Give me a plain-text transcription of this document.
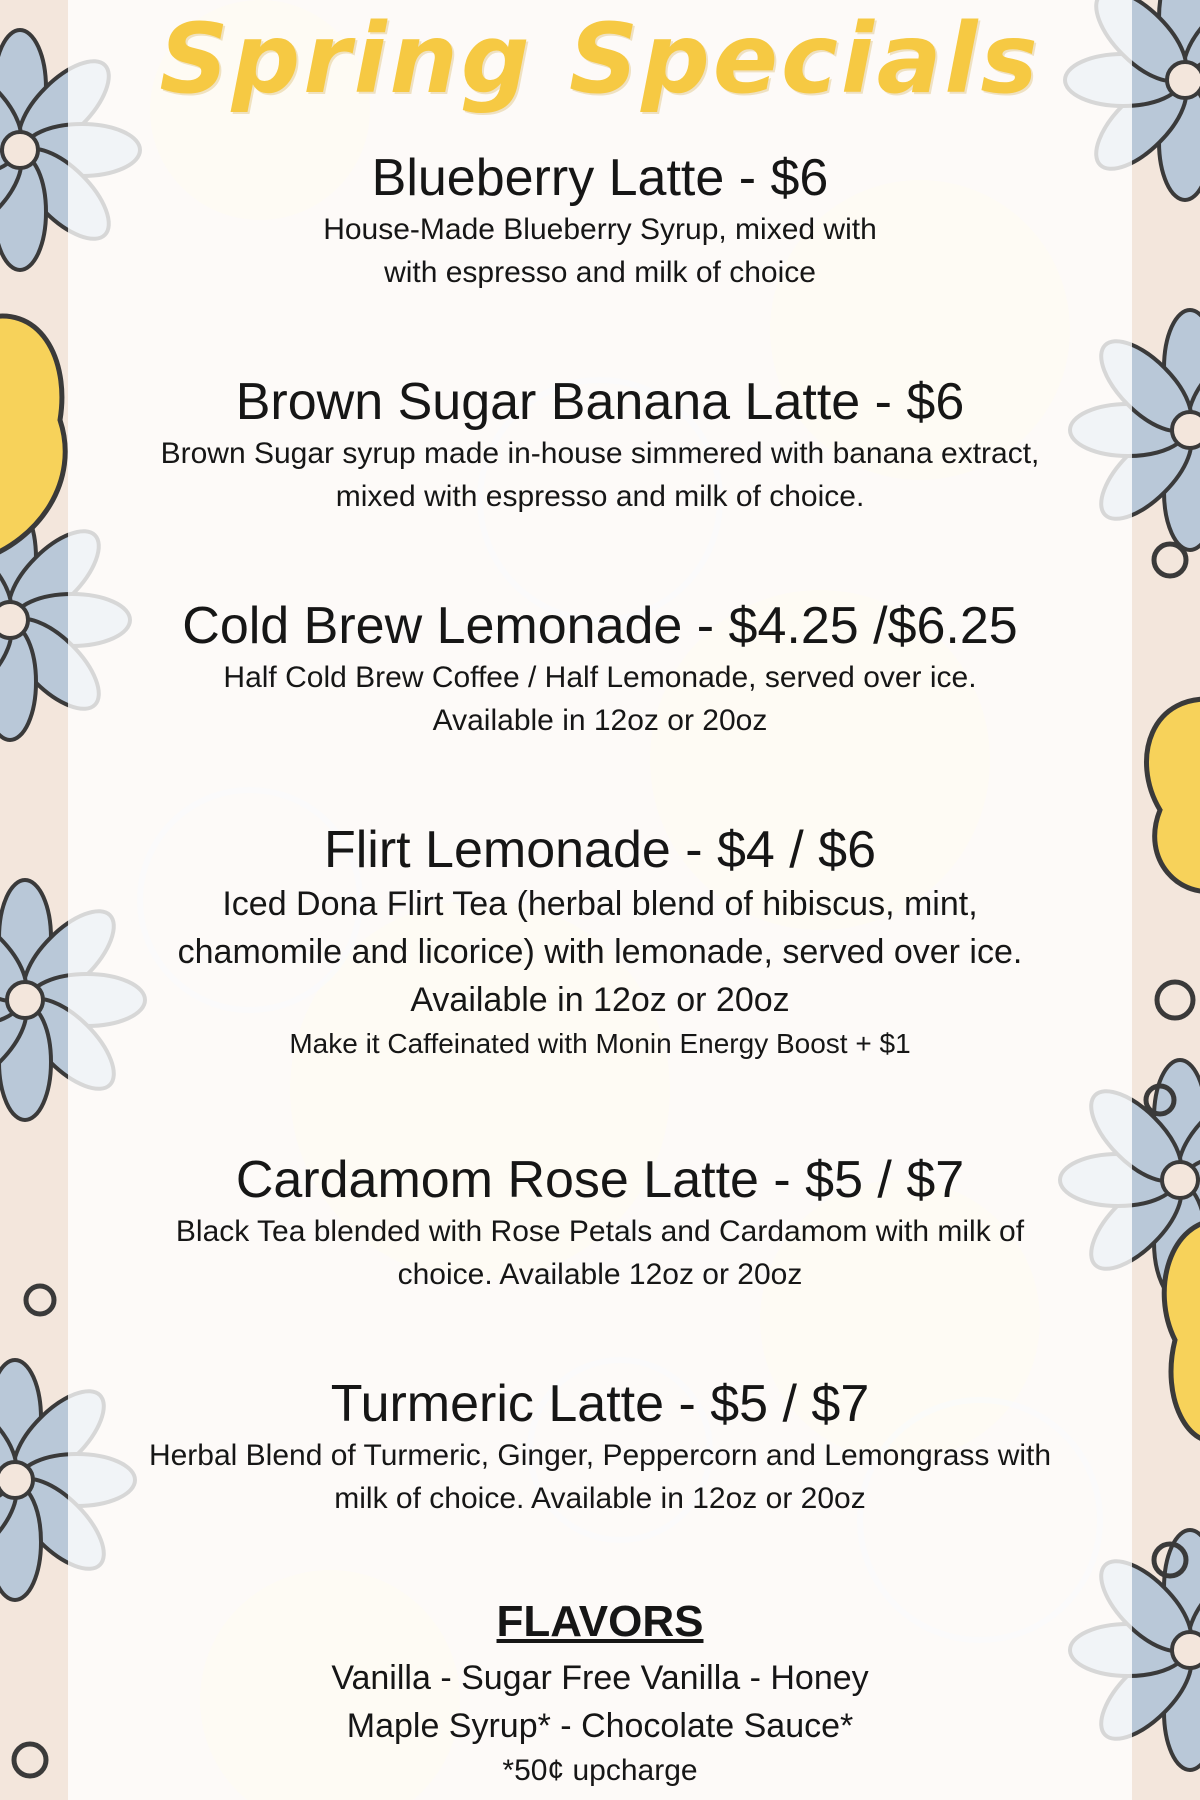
Spring Specials
Blueberry Latte - $6

House-Made Blueberry Syrup, mixed with

with espresso and milk of choice

Brown Sugar Banana Latte - $6

Brown Sugar syrup made in-house simmered with banana extract,

mixed with espresso and milk of choice.

Cold Brew Lemonade - $4.25 /$6.25

Half Cold Brew Coffee / Half Lemonade, served over ice.

Available in 12oz or 20oz

Flirt Lemonade - $4 / $6

Iced Dona Flirt Tea (herbal blend of hibiscus, mint,

chamomile and licorice) with lemonade, served over ice.

Available in 12oz or 20oz

Make it Caffeinated with Monin Energy Boost + $1

Cardamom Rose Latte - $5 / $7

Black Tea blended with Rose Petals and Cardamom with milk of

choice. Available 12oz or 20oz

Turmeric Latte - $5 / $7

Herbal Blend of Turmeric, Ginger, Peppercorn and Lemongrass with

milk of choice. Available in 12oz or 20oz

FLAVORS

Vanilla - Sugar Free Vanilla - Honey

Maple Syrup* - Chocolate Sauce*

*50¢ upcharge
